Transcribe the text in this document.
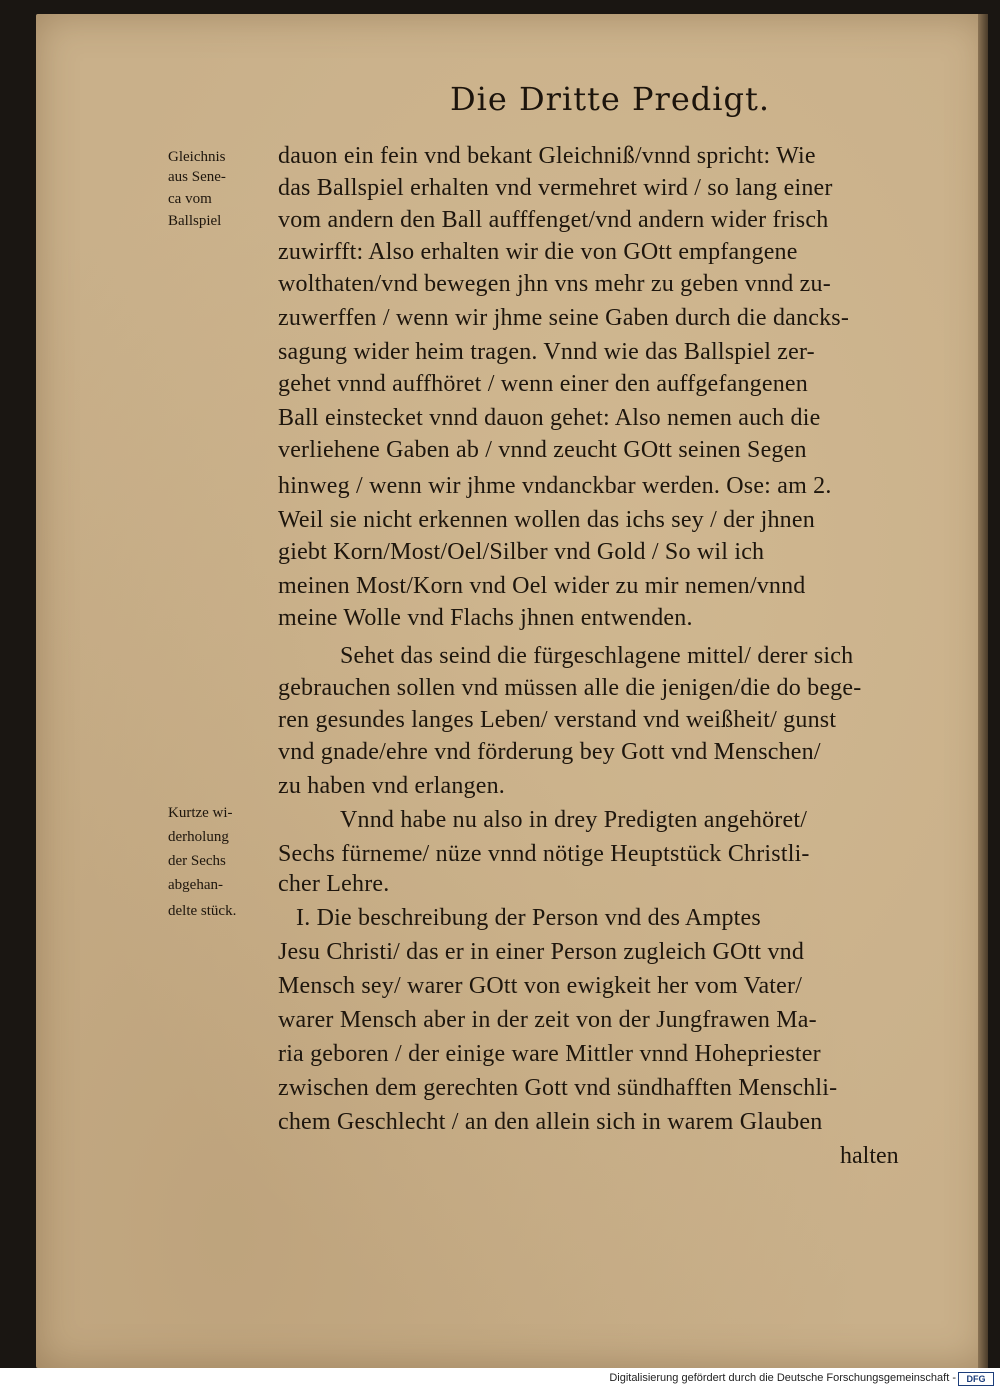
Die Dritte Predigt.
Gleichnis
aus Sene-
ca vom
Ballspiel
Kurtze wi-
derholung
der Sechs
abgehan-
delte stück.
dauon ein fein vnd bekant Gleichniß/vnnd spricht: Wie
das Ballspiel erhalten vnd vermehret wird / so lang einer
vom andern den Ball aufffenget/vnd andern wider frisch
zuwirfft: Also erhalten wir die von GOtt empfangene
wolthaten/vnd bewegen jhn vns mehr zu geben vnnd zu-
zuwerffen / wenn wir jhme seine Gaben durch die dancks-
sagung wider heim tragen. Vnnd wie das Ballspiel zer-
gehet vnnd auffhöret / wenn einer den auffgefangenen
Ball einstecket vnnd dauon gehet: Also nemen auch die
verliehene Gaben ab / vnnd zeucht GOtt seinen Segen
hinweg / wenn wir jhme vndanckbar werden. Ose: am 2.
Weil sie nicht erkennen wollen das ichs sey / der jhnen
giebt Korn/Most/Oel/Silber vnd Gold / So wil ich
meinen Most/Korn vnd Oel wider zu mir nemen/vnnd
meine Wolle vnd Flachs jhnen entwenden.
Sehet das seind die fürgeschlagene mittel/ derer sich
gebrauchen sollen vnd müssen alle die jenigen/die do bege-
ren gesundes langes Leben/ verstand vnd weißheit/ gunst
vnd gnade/ehre vnd förderung bey Gott vnd Menschen/
zu haben vnd erlangen.
Vnnd habe nu also in drey Predigten angehöret/
Sechs fürneme/ nüze vnnd nötige Heuptstück Christli-
cher Lehre.
I. Die beschreibung der Person vnd des Amptes
Jesu Christi/ das er in einer Person zugleich GOtt vnd
Mensch sey/ warer GOtt von ewigkeit her vom Vater/
warer Mensch aber in der zeit von der Jungfrawen Ma-
ria geboren / der einige ware Mittler vnnd Hohepriester
zwischen dem gerechten Gott vnd sündhafften Menschli-
chem Geschlecht / an den allein sich in warem Glauben
halten
Digitalisierung gefördert durch die Deutsche Forschungsgemeinschaft -	DFG
